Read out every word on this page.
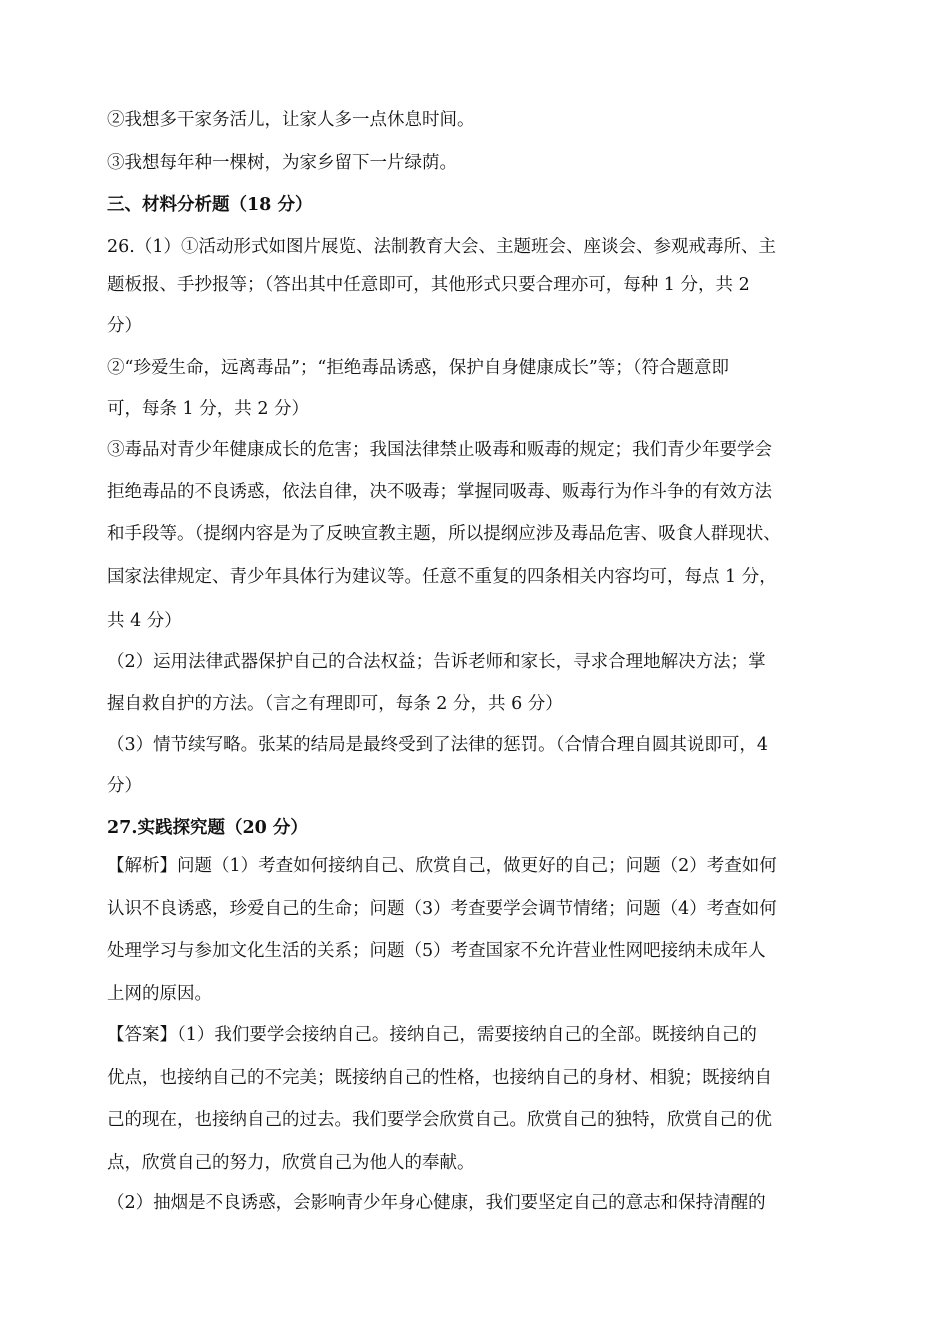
②我想多干家务活儿，让家人多一点休息时间。
③我想每年种一棵树，为家乡留下一片绿荫。
三、材料分析题（18 分）
26.（1）①活动形式如图片展览、法制教育大会、主题班会、座谈会、参观戒毒所、主
题板报、手抄报等；（答出其中任意即可，其他形式只要合理亦可，每种 1 分，共 2
分）
②“珍爱生命，远离毒品”；“拒绝毒品诱惑，保护自身健康成长”等；（符合题意即
可，每条 1 分，共 2 分）
③毒品对青少年健康成长的危害；我国法律禁止吸毒和贩毒的规定；我们青少年要学会
拒绝毒品的不良诱惑，依法自律，决不吸毒；掌握同吸毒、贩毒行为作斗争的有效方法
和手段等。（提纲内容是为了反映宣教主题，所以提纲应涉及毒品危害、吸食人群现状、
国家法律规定、青少年具体行为建议等。任意不重复的四条相关内容均可，每点 1 分，
共 4 分）
（2）运用法律武器保护自己的合法权益；告诉老师和家长，寻求合理地解决方法；掌
握自救自护的方法。（言之有理即可，每条 2 分，共 6 分）
（3）情节续写略。张某的结局是最终受到了法律的惩罚。（合情合理自圆其说即可，4
分）
27.实践探究题（20 分）
【解析】问题（1）考查如何接纳自己、欣赏自己，做更好的自己；问题（2）考查如何
认识不良诱惑，珍爱自己的生命；问题（3）考查要学会调节情绪；问题（4）考查如何
处理学习与参加文化生活的关系；问题（5）考查国家不允许营业性网吧接纳未成年人
上网的原因。
【答案】（1）我们要学会接纳自己。接纳自己，需要接纳自己的全部。既接纳自己的
优点，也接纳自己的不完美；既接纳自己的性格，也接纳自己的身材、相貌；既接纳自
己的现在，也接纳自己的过去。我们要学会欣赏自己。欣赏自己的独特，欣赏自己的优
点，欣赏自己的努力，欣赏自己为他人的奉献。
（2）抽烟是不良诱惑，会影响青少年身心健康，我们要坚定自己的意志和保持清醒的
